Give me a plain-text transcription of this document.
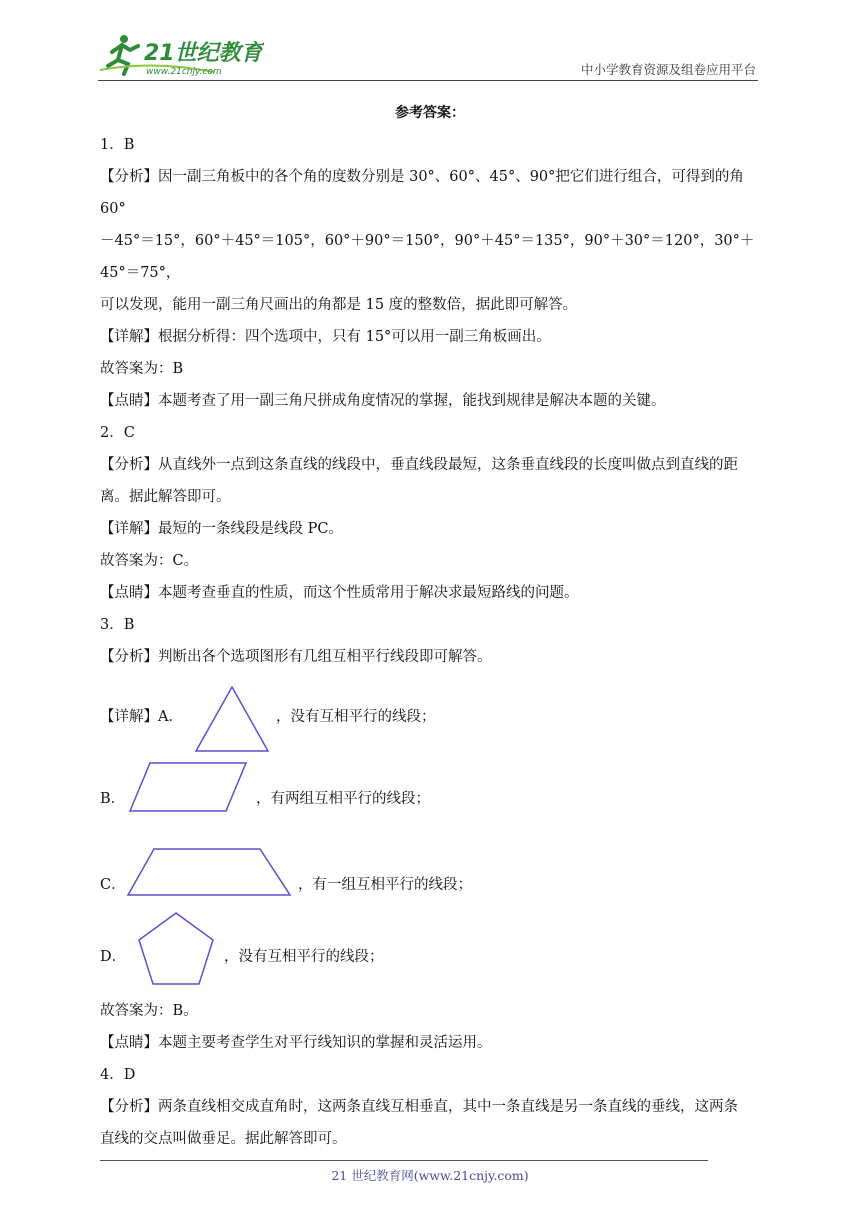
21世纪教育
www.21cnjy.com	中小学教育资源及组卷应用平台

参考答案：

1．B

【分析】因一副三角板中的各个角的度数分别是 30°、60°、45°、90°把它们进行组合，可得到的角 60°

－45°＝15°，60°＋45°＝105°，60°＋90°＝150°，90°＋45°＝135°，90°＋30°＝120°，30°＋45°＝75°，

可以发现，能用一副三角尺画出的角都是 15 度的整数倍，据此即可解答。

【详解】根据分析得：四个选项中，只有 15°可以用一副三角板画出。

故答案为：B

【点睛】本题考查了用一副三角尺拼成角度情况的掌握，能找到规律是解决本题的关键。

2．C

【分析】从直线外一点到这条直线的线段中，垂直线段最短，这条垂直线段的长度叫做点到直线的距

离。据此解答即可。

【详解】最短的一条线段是线段 PC。

故答案为：C。

【点睛】本题考查垂直的性质，而这个性质常用于解决求最短路线的问题。

3．B

【分析】判断出各个选项图形有几组互相平行线段即可解答。

【详解】A．	，没有互相平行的线段；
B．	，有两组互相平行的线段；
C．	，有一组互相平行的线段；
D．	，没有互相平行的线段；

故答案为：B。

【点睛】本题主要考查学生对平行线知识的掌握和灵活运用。

4．D

【分析】两条直线相交成直角时，这两条直线互相垂直，其中一条直线是另一条直线的垂线，这两条

直线的交点叫做垂足。据此解答即可。

21 世纪教育网(www.21cnjy.com)
